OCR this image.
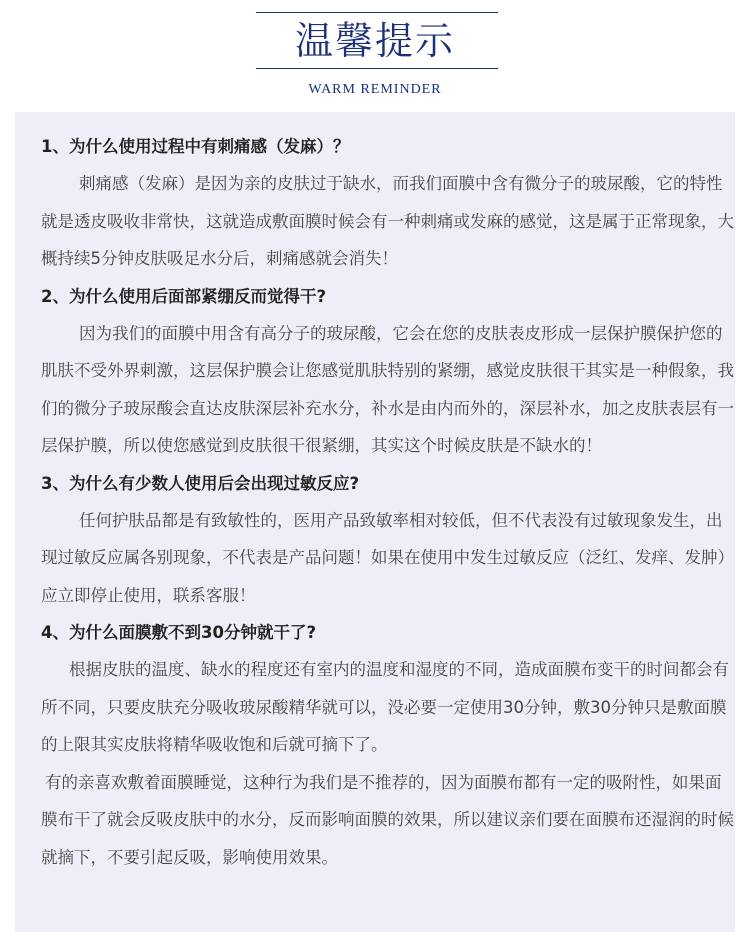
温馨提示
WARM REMINDER
1、为什么使用过程中有刺痛感（发麻）？

刺痛感（发麻）是因为亲的皮肤过于缺水，而我们面膜中含有微分子的玻尿酸，它的特性就是透皮吸收非常快，这就造成敷面膜时候会有一种刺痛或发麻的感觉，这是属于正常现象，大概持续5分钟皮肤吸足水分后，刺痛感就会消失！

2、为什么使用后面部紧绷反而觉得干?

因为我们的面膜中用含有高分子的玻尿酸，它会在您的皮肤表皮形成一层保护膜保护您的肌肤不受外界刺激，这层保护膜会让您感觉肌肤特别的紧绷，感觉皮肤很干其实是一种假象，我们的微分子玻尿酸会直达皮肤深层补充水分，补水是由内而外的，深层补水，加之皮肤表层有一层保护膜，所以使您感觉到皮肤很干很紧绷，其实这个时候皮肤是不缺水的！

3、为什么有少数人使用后会出现过敏反应?

任何护肤品都是有致敏性的，医用产品致敏率相对较低，但不代表没有过敏现象发生，出现过敏反应属各别现象，不代表是产品问题！如果在使用中发生过敏反应（泛红、发痒、发肿）应立即停止使用，联系客服！

4、为什么面膜敷不到30分钟就干了?

根据皮肤的温度、缺水的程度还有室内的温度和湿度的不同，造成面膜布变干的时间都会有所不同，只要皮肤充分吸收玻尿酸精华就可以，没必要一定使用30分钟，敷30分钟只是敷面膜的上限其实皮肤将精华吸收饱和后就可摘下了。

有的亲喜欢敷着面膜睡觉，这种行为我们是不推荐的，因为面膜布都有一定的吸附性，如果面膜布干了就会反吸皮肤中的水分，反而影响面膜的效果，所以建议亲们要在面膜布还湿润的时候就摘下，不要引起反吸，影响使用效果。
